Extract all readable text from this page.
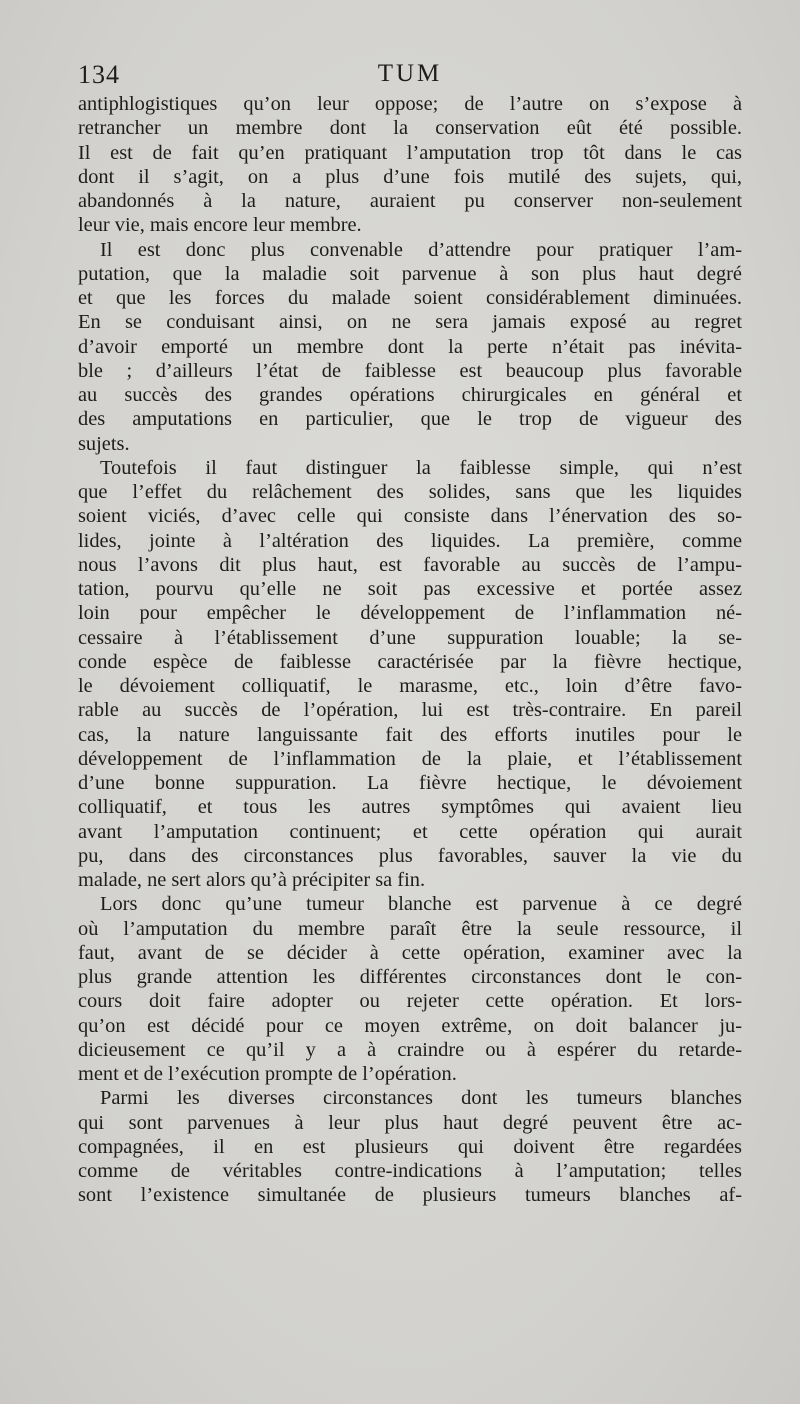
134	TUM
antiphlogistiques qu’on leur oppose; de l’autre on s’expose à
retrancher un membre dont la conservation eût été possible.
Il est de fait qu’en pratiquant l’amputation trop tôt dans le cas
dont il s’agit, on a plus d’une fois mutilé des sujets, qui,
abandonnés à la nature, auraient pu conserver non-seulement
leur vie, mais encore leur membre.
Il est donc plus convenable d’attendre pour pratiquer l’am-
putation, que la maladie soit parvenue à son plus haut degré
et que les forces du malade soient considérablement diminuées.
En se conduisant ainsi, on ne sera jamais exposé au regret
d’avoir emporté un membre dont la perte n’était pas inévita-
ble ; d’ailleurs l’état de faiblesse est beaucoup plus favorable
au succès des grandes opérations chirurgicales en général et
des amputations en particulier, que le trop de vigueur des
sujets.
Toutefois il faut distinguer la faiblesse simple, qui n’est
que l’effet du relâchement des solides, sans que les liquides
soient viciés, d’avec celle qui consiste dans l’énervation des so-
lides, jointe à l’altération des liquides. La première, comme
nous l’avons dit plus haut, est favorable au succès de l’ampu-
tation, pourvu qu’elle ne soit pas excessive et portée assez
loin pour empêcher le développement de l’inflammation né-
cessaire à l’établissement d’une suppuration louable; la se-
conde espèce de faiblesse caractérisée par la fièvre hectique,
le dévoiement colliquatif, le marasme, etc., loin d’être favo-
rable au succès de l’opération, lui est très-contraire. En pareil
cas, la nature languissante fait des efforts inutiles pour le
développement de l’inflammation de la plaie, et l’établissement
d’une bonne suppuration. La fièvre hectique, le dévoiement
colliquatif, et tous les autres symptômes qui avaient lieu
avant l’amputation continuent; et cette opération qui aurait
pu, dans des circonstances plus favorables, sauver la vie du
malade, ne sert alors qu’à précipiter sa fin.
Lors donc qu’une tumeur blanche est parvenue à ce degré
où l’amputation du membre paraît être la seule ressource, il
faut, avant de se décider à cette opération, examiner avec la
plus grande attention les différentes circonstances dont le con-
cours doit faire adopter ou rejeter cette opération. Et lors-
qu’on est décidé pour ce moyen extrême, on doit balancer ju-
dicieusement ce qu’il y a à craindre ou à espérer du retarde-
ment et de l’exécution prompte de l’opération.
Parmi les diverses circonstances dont les tumeurs blanches
qui sont parvenues à leur plus haut degré peuvent être ac-
compagnées, il en est plusieurs qui doivent être regardées
comme de véritables contre-indications à l’amputation; telles
sont l’existence simultanée de plusieurs tumeurs blanches af-
